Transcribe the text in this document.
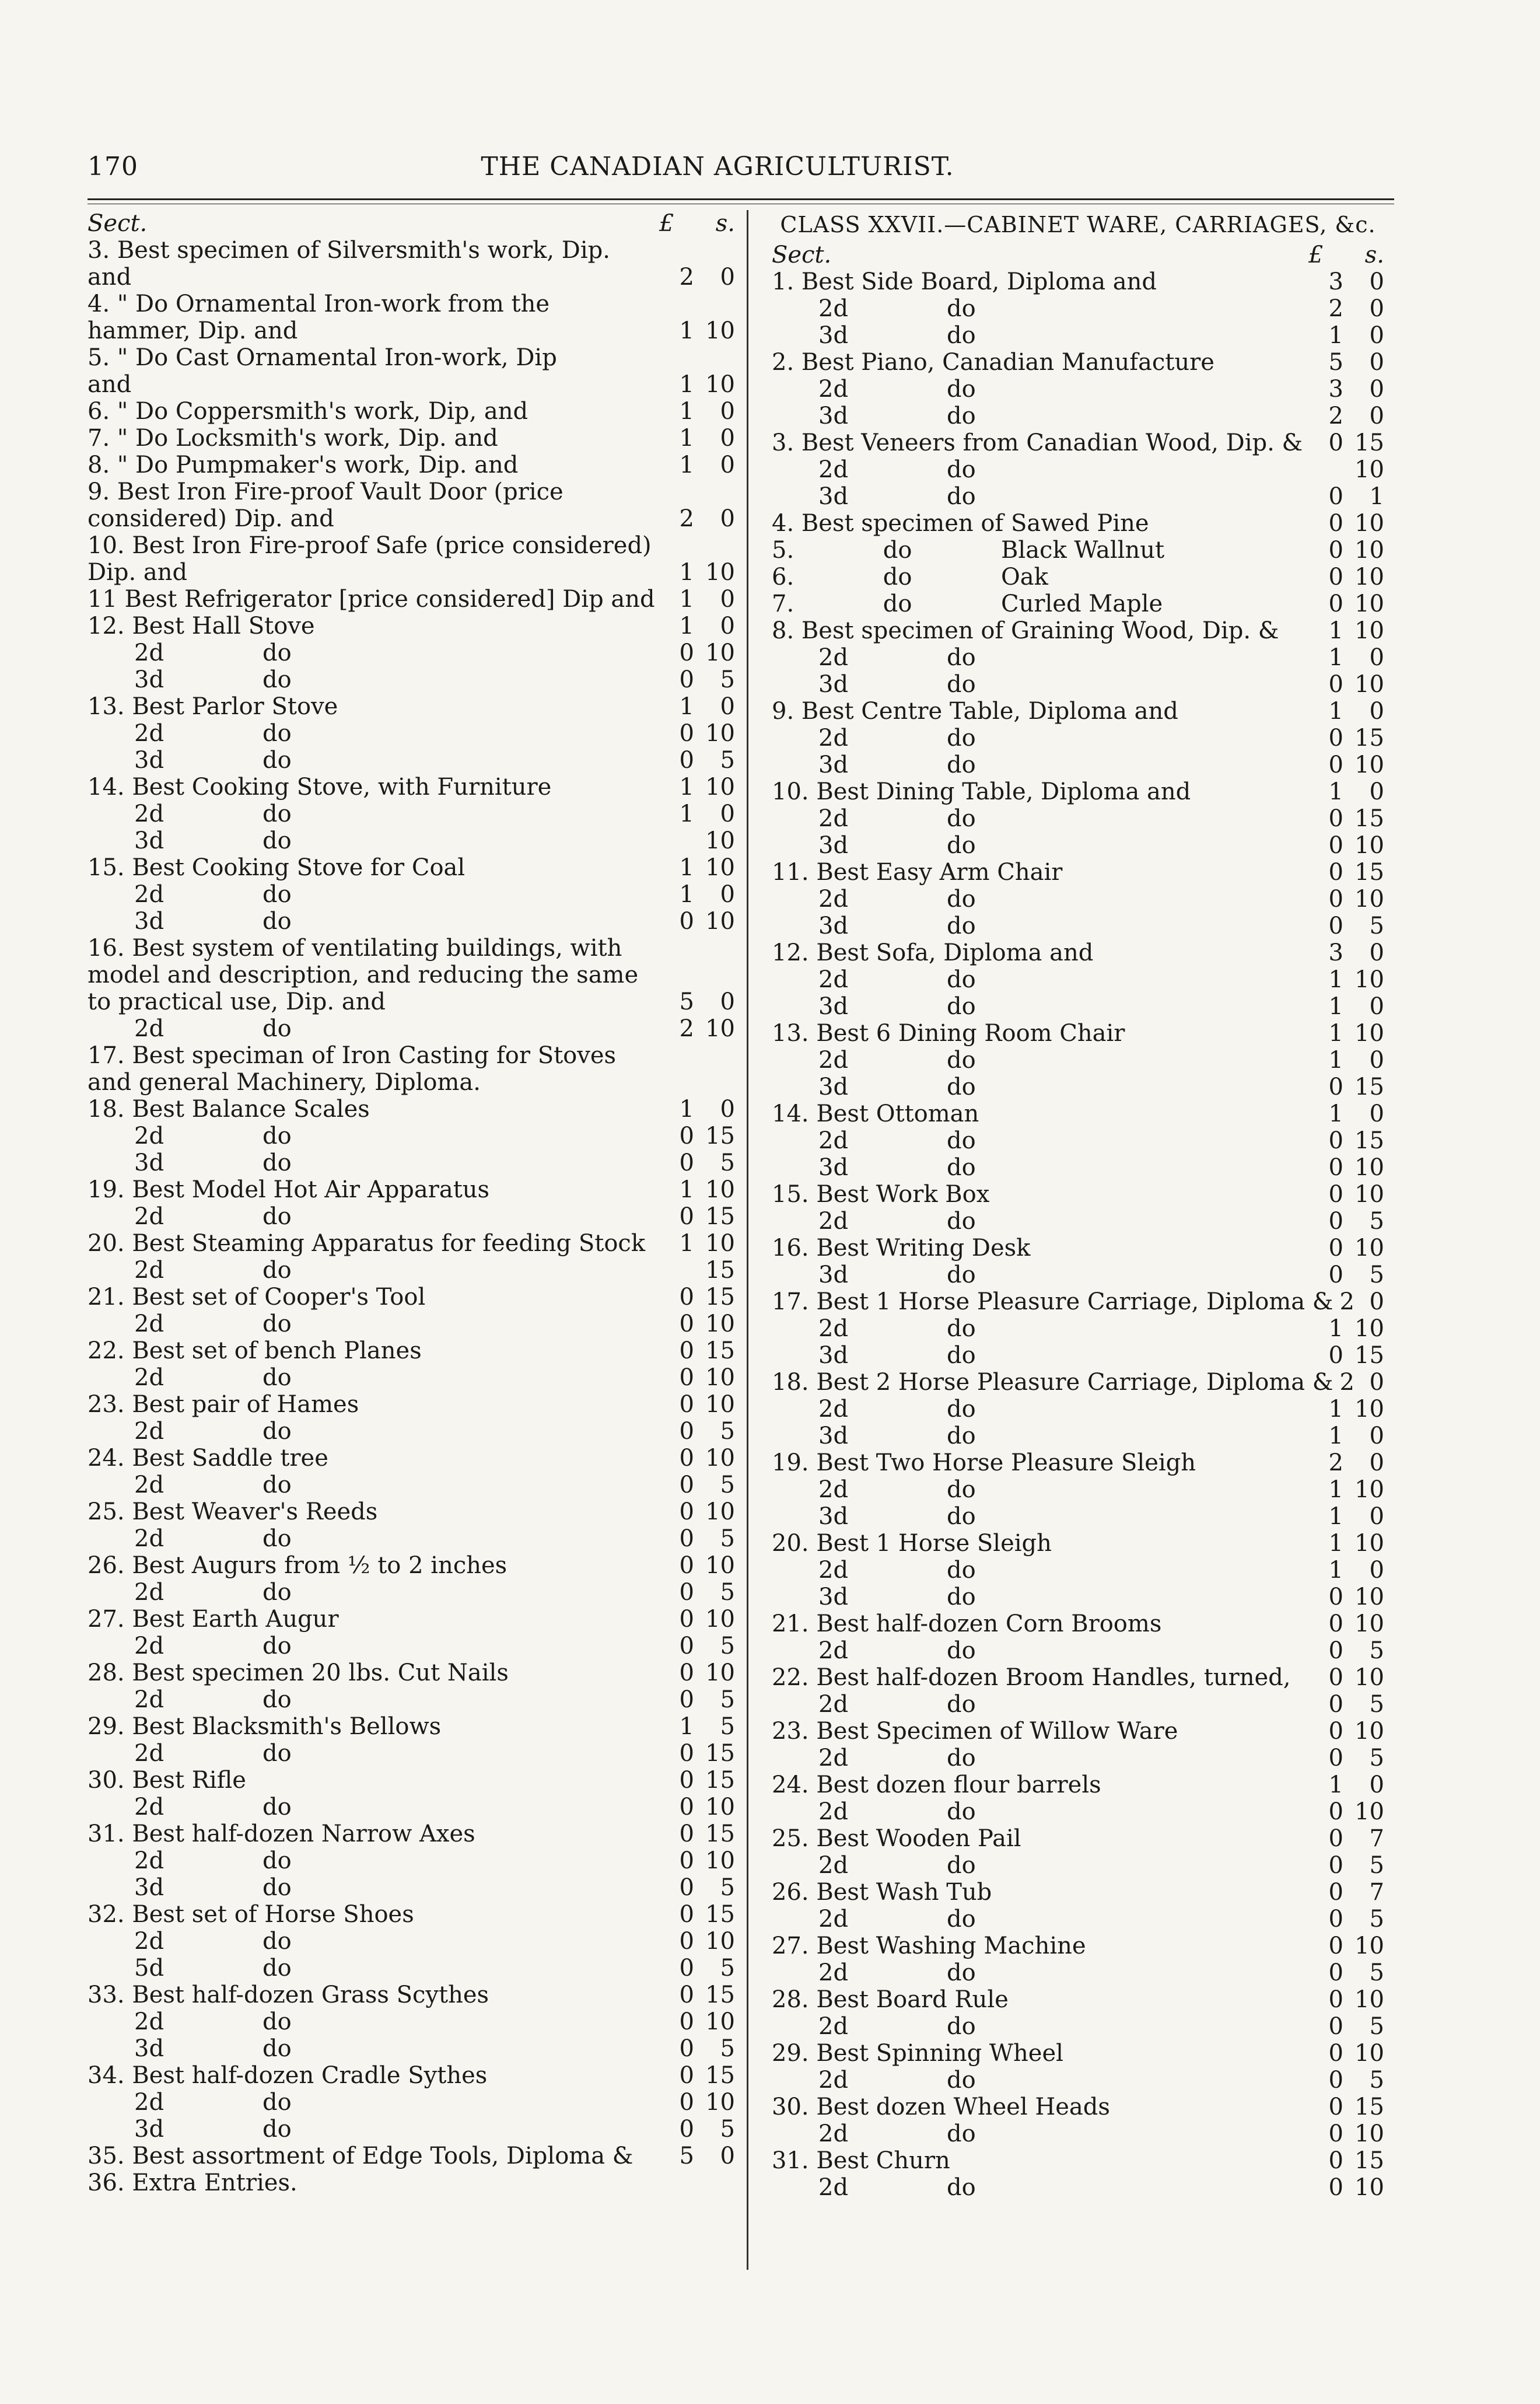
170	THE CANADIAN AGRICULTURIST.
Sect.	£ s.
3. Best specimen of Silversmith's work, Dip.
and	2	0
4. " Do Ornamental Iron-work from the
hammer, Dip. and	1 10
5. " Do Cast Ornamental Iron-work, Dip
and	1 10
6. " Do Coppersmith's work, Dip, and	1	0
7. " Do Locksmith's work, Dip. and	1	0
8. " Do Pumpmaker's work, Dip. and	1	0
9. Best Iron Fire-proof Vault Door (price
considered) Dip. and	2	0
10. Best Iron Fire-proof Safe (price considered)
Dip. and	1 10
11 Best Refrigerator [price considered] Dip and	1	0
12. Best Hall Stove	1	0
2d	do	0 10
3d	do	0	5
13. Best Parlor Stove	1	0
2d	do	0 10
3d	do	0	5
14. Best Cooking Stove, with Furniture	1 10
2d	do	1	0
3d	do	10
15. Best Cooking Stove for Coal	1 10
2d	do	1	0
3d	do	0 10
16. Best system of ventilating buildings, with
model and description, and reducing the same
to practical use, Dip. and	5	0
2d	do	2 10
17. Best speciman of Iron Casting for Stoves
and general Machinery, Diploma.
18. Best Balance Scales	1	0
2d	do	0 15
3d	do	0	5
19. Best Model Hot Air Apparatus	1 10
2d	do	0 15
20. Best Steaming Apparatus for feeding Stock	1 10
2d	do	15
21. Best set of Cooper's Tool	0 15
2d	do	0 10
22. Best set of bench Planes	0 15
2d	do	0 10
23. Best pair of Hames	0 10
2d	do	0	5
24. Best Saddle tree	0 10
2d	do	0	5
25. Best Weaver's Reeds	0 10
2d	do	0	5
26. Best Augurs from ½ to 2 inches	0 10
2d	do	0	5
27. Best Earth Augur	0 10
2d	do	0	5
28. Best specimen 20 lbs. Cut Nails	0 10
2d	do	0	5
29. Best Blacksmith's Bellows	1	5
2d	do	0 15
30. Best Rifle	0 15
2d	do	0 10
31. Best half-dozen Narrow Axes	0 15
2d	do	0 10
3d	do	0	5
32. Best set of Horse Shoes	0 15
2d	do	0 10
5d	do	0	5
33. Best half-dozen Grass Scythes	0 15
2d	do	0 10
3d	do	0	5
34. Best half-dozen Cradle Sythes	0 15
2d	do	0 10
3d	do	0	5
35. Best assortment of Edge Tools, Diploma &	5	0
36. Extra Entries.
CLASS XXVII.—CABINET WARE, CARRIAGES, &c.
Sect.	£ s.
1. Best Side Board, Diploma and	3	0
2d	do	2	0
3d	do	1	0
2. Best Piano, Canadian Manufacture	5	0
2d	do	3	0
3d	do	2	0
3. Best Veneers from Canadian Wood, Dip. &	0 15
2d	do	10
3d	do	0	1
4. Best specimen of Sawed Pine	0 10
5.            do            Black Wallnut	0 10
6.            do            Oak	0 10
7.            do            Curled Maple	0 10
8. Best specimen of Graining Wood, Dip. &	1 10
2d	do	1	0
3d	do	0 10
9. Best Centre Table, Diploma and	1	0
2d	do	0 15
3d	do	0 10
10. Best Dining Table, Diploma and	1	0
2d	do	0 15
3d	do	0 10
11. Best Easy Arm Chair	0 15
2d	do	0 10
3d	do	0	5
12. Best Sofa, Diploma and	3	0
2d	do	1 10
3d	do	1	0
13. Best 6 Dining Room Chair	1 10
2d	do	1	0
3d	do	0 15
14. Best Ottoman	1	0
2d	do	0 15
3d	do	0 10
15. Best Work Box	0 10
2d	do	0	5
16. Best Writing Desk	0 10
3d	do	0	5
17. Best 1 Horse Pleasure Carriage, Diploma & 2 0
2d	do	1 10
3d	do	0 15
18. Best 2 Horse Pleasure Carriage, Diploma & 2 0
2d	do	1 10
3d	do	1	0
19. Best Two Horse Pleasure Sleigh	2	0
2d	do	1 10
3d	do	1	0
20. Best 1 Horse Sleigh	1 10
2d	do	1	0
3d	do	0 10
21. Best half-dozen Corn Brooms	0 10
2d	do	0	5
22. Best half-dozen Broom Handles, turned,	0 10
2d	do	0	5
23. Best Specimen of Willow Ware	0 10
2d	do	0	5
24. Best dozen flour barrels	1	0
2d	do	0 10
25. Best Wooden Pail	0	7
2d	do	0	5
26. Best Wash Tub	0	7
2d	do	0	5
27. Best Washing Machine	0 10
2d	do	0	5
28. Best Board Rule	0 10
2d	do	0	5
29. Best Spinning Wheel	0 10
2d	do	0	5
30. Best dozen Wheel Heads	0 15
2d	do	0 10
31. Best Churn	0 15
2d	do	0 10
